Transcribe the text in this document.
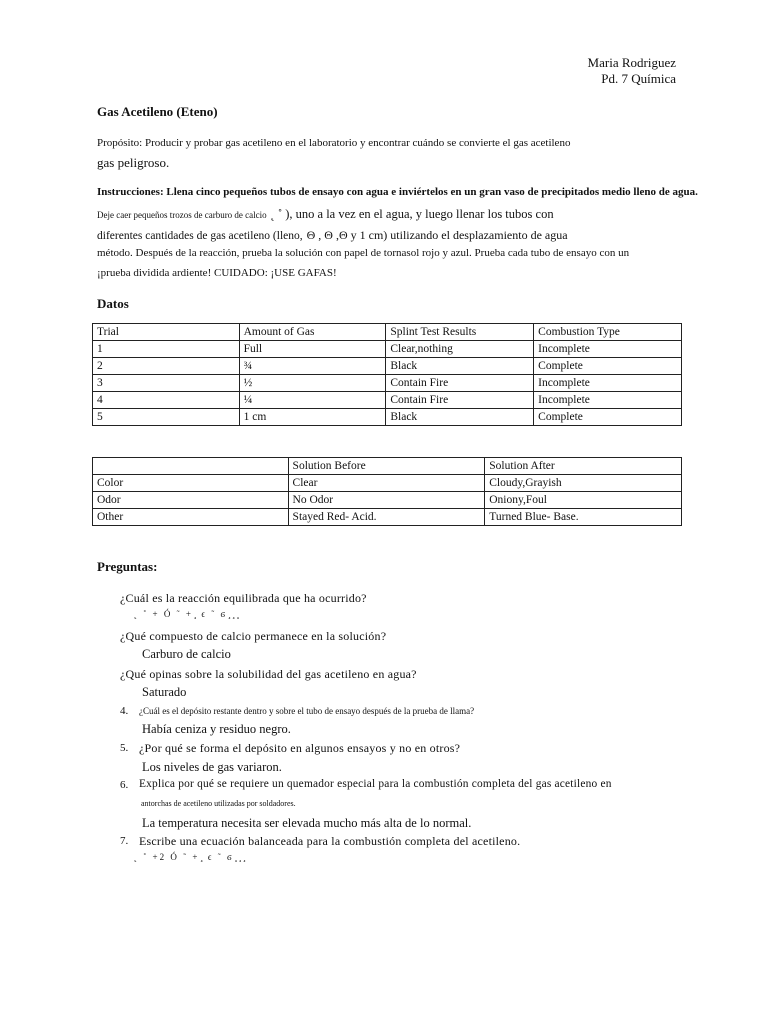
Maria Rodriguez
Pd. 7 Química
Gas Acetileno (Eteno)
Propósito: Producir y probar gas acetileno en el laboratorio y encontrar cuándo se convierte el gas acetileno
gas peligroso.
Instrucciones: Llena cinco pequeños tubos de ensayo con agua e inviértelos en un gran vaso de precipitados medio lleno de agua.
Deje caer pequeños trozos de carburo de calcio ˛ ˚ ), uno a la vez en el agua, y luego llenar los tubos con
diferentes cantidades de gas acetileno (lleno, Θ , Θ ,Θ y 1 cm) utilizando el desplazamiento de agua
método. Después de la reacción, prueba la solución con papel de tornasol rojo y azul. Prueba cada tubo de ensayo con un
¡prueba dividida ardiente! CUIDADO: ¡USE GAFAS!
Datos
Trial	Amount of Gas	Splint Test Results	Combustion Type
1	Full	Clear,nothing	Incomplete
2	¾	Black	Complete
3	½	Contain Fire	Incomplete
4	¼	Contain Fire	Incomplete
5	1 cm	Black	Complete
	Solution Before	Solution After
Color	Clear	Cloudy,Grayish
Odor	No Odor	Oniony,Foul
Other	Stayed Red- Acid.	Turned Blue- Base.
Preguntas:
¿Cuál es la reacción equilibrada que ha ocurrido?
˛ ˚ + Ó ˜ + ̧ ϵ ˜ ϭ ̧ ̧ ̧
¿Qué compuesto de calcio permanece en la solución?
Carburo de calcio
¿Qué opinas sobre la solubilidad del gas acetileno en agua?
Saturado
4. ¿Cuál es el depósito restante dentro y sobre el tubo de ensayo después de la prueba de llama?
Había ceniza y residuo negro.
5. ¿Por qué se forma el depósito en algunos ensayos y no en otros?
Los niveles de gas variaron.
6. Explica por qué se requiere un quemador especial para la combustión completa del gas acetileno en
antorchas de acetileno utilizadas por soldadores.
La temperatura necesita ser elevada mucho más alta de lo normal.
7. Escribe una ecuación balanceada para la combustión completa del acetileno.
˛ ˚ +2 Ó ˜ + ̧ ϵ ˜ ϭ ̧ ̧ ̧
